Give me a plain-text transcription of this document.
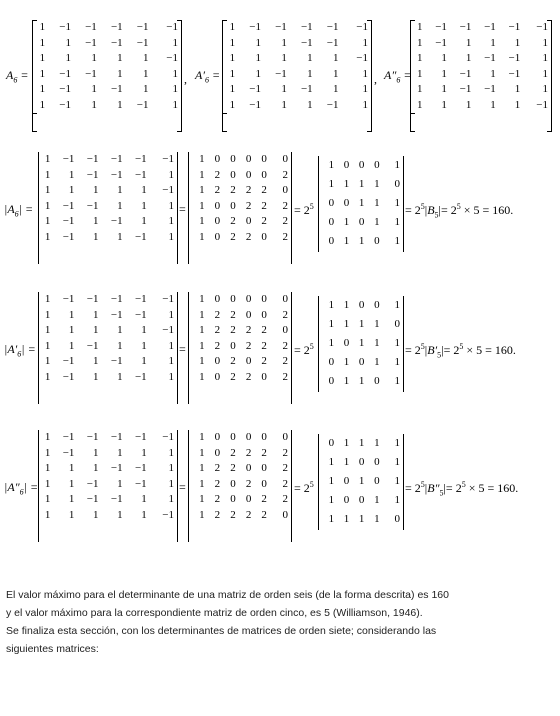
$A_6$ =
1	−1	−1	−1	−1	−1
1	1	−1	−1	−1	1
1	1	1	1	1	−1
1	−1	−1	1	1	1
1	−1	1	−1	1	1
1	−1	1	1	−1	1
, $A'_6$ =
1	−1	−1	−1	−1	−1
1	1	1	−1	−1	1
1	1	1	1	1	−1
1	1	−1	1	1	1
1	−1	1	−1	1	1
1	−1	1	1	−1	1
, $A''_6$ =
1	−1	−1	−1	−1	−1
1	−1	1	1	1	1
1	1	1	−1	−1	1
1	1	−1	1	−1	1
1	1	−1	−1	1	1
1	1	1	1	1	−1
$|A_6|$ =
1	−1	−1	−1	−1	−1
1	1	−1	−1	−1	1
1	1	1	1	1	−1
1	−1	−1	1	1	1
1	−1	1	−1	1	1
1	−1	1	1	−1	1
=
1	0	0	0	0	0
1	2	0	0	0	2
1	2	2	2	2	0
1	0	0	2	2	2
1	0	2	0	2	2
1	0	2	2	0	2
= $2^5$
1	0	0	0	1
1	1	1	1	0
0	0	1	1	1
0	1	0	1	1
0	1	1	0	1
= $2^5|B_5|= 2^5 \times 5 = 160$.
$|A'_6|$ =
1	−1	−1	−1	−1	−1
1	1	1	−1	−1	1
1	1	1	1	1	−1
1	1	−1	1	1	1
1	−1	1	−1	1	1
1	−1	1	1	−1	1
=
1	0	0	0	0	0
1	2	2	0	0	2
1	2	2	2	2	0
1	2	0	2	2	2
1	0	2	0	2	2
1	0	2	2	0	2
= $2^5$
1	1	0	0	1
1	1	1	1	0
1	0	1	1	1
0	1	0	1	1
0	1	1	0	1
= $2^5|B'_5|= 2^5 \times 5 = 160$.
$|A''_6|$ =
1	−1	−1	−1	−1	−1
1	−1	1	1	1	1
1	1	1	−1	−1	1
1	1	−1	1	−1	1
1	1	−1	−1	1	1
1	1	1	1	1	−1
=
1	0	0	0	0	0
1	0	2	2	2	2
1	2	2	0	0	2
1	2	0	2	0	2
1	2	0	0	2	2
1	2	2	2	2	0
= $2^5$
0	1	1	1	1
1	1	0	0	1
1	0	1	0	1
1	0	0	1	1
1	1	1	1	0
= $2^5|B''_5|= 2^5 \times 5 = 160$.

El valor máximo para el determinante de una matriz de orden seis (de la forma descrita) es 160

y el valor máximo para la correspondiente matriz de orden cinco, es 5 (Williamson, 1946).

Se finaliza esta sección, con los determinantes de matrices de orden siete; considerando las

siguientes matrices:
